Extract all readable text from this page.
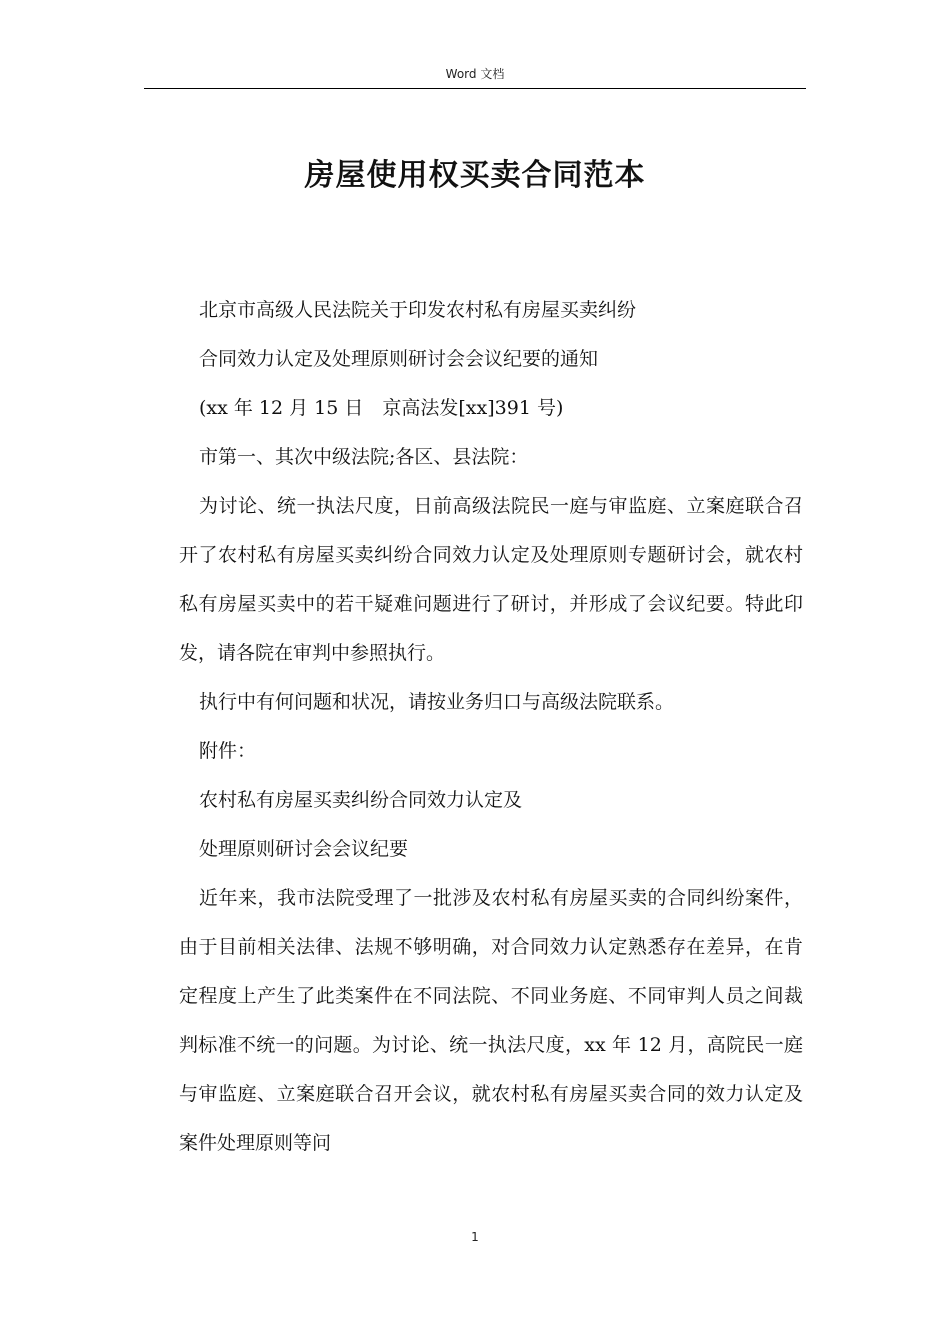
Word 文档
房屋使用权买卖合同范本

北京市高级人民法院关于印发农村私有房屋买卖纠纷

合同效力认定及处理原则研讨会会议纪要的通知

(xx 年 12 月 15 日　京高法发[xx]391 号)

市第一、其次中级法院;各区、县法院：

为讨论、统一执法尺度，日前高级法院民一庭与审监庭、立案庭联合召开了农村私有房屋买卖纠纷合同效力认定及处理原则专题研讨会，就农村私有房屋买卖中的若干疑难问题进行了研讨，并形成了会议纪要。特此印发，请各院在审判中参照执行。

执行中有何问题和状况，请按业务归口与高级法院联系。

附件：

农村私有房屋买卖纠纷合同效力认定及

处理原则研讨会会议纪要

近年来，我市法院受理了一批涉及农村私有房屋买卖的合同纠纷案件，由于目前相关法律、法规不够明确，对合同效力认定熟悉存在差异，在肯定程度上产生了此类案件在不同法院、不同业务庭、不同审判人员之间裁判标准不统一的问题。为讨论、统一执法尺度，xx 年 12 月，高院民一庭与审监庭、立案庭联合召开会议，就农村私有房屋买卖合同的效力认定及案件处理原则等问

1
